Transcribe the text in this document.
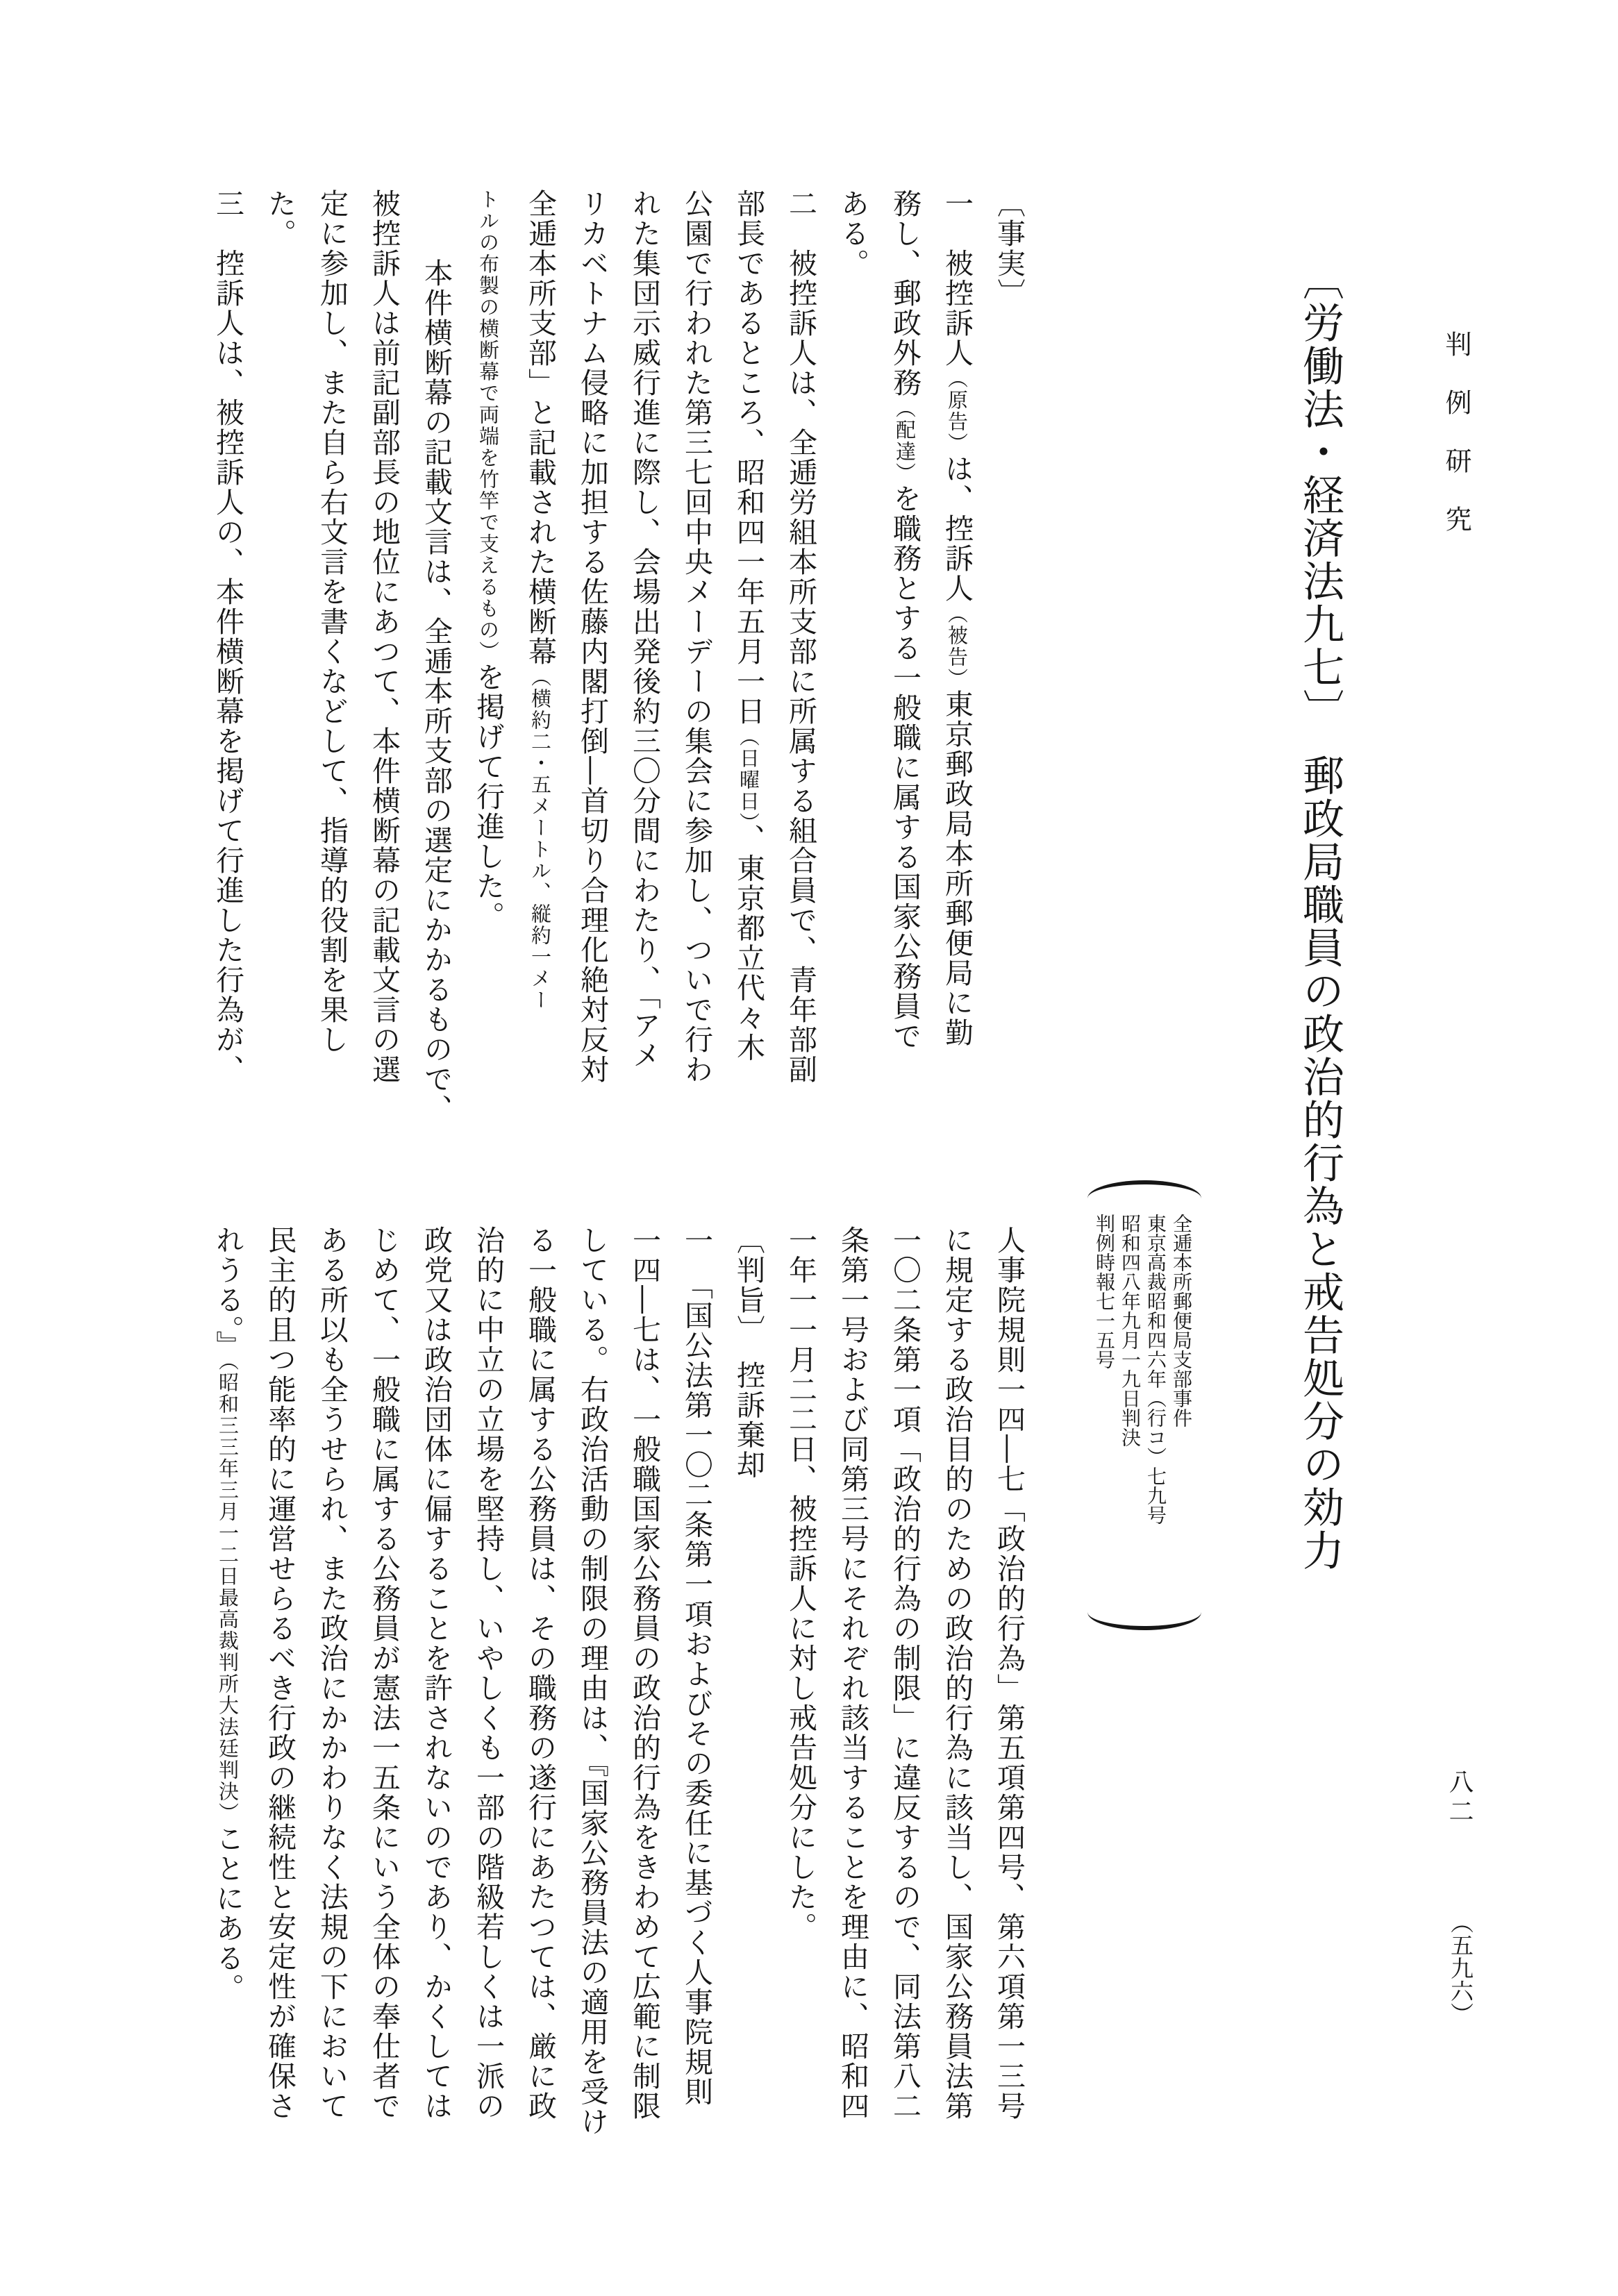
判例研究
〔労働法・経済法九七〕　郵政局職員の政治的行為と戒告処分の効力
全逓本所郵便局支部事件
東京高裁昭和四六年（行コ）七九号
昭和四八年九月一九日判決
判例時報七一五号
〔事実〕
一　被控訴人（原告）は、控訴人（被告）東京郵政局本所郵便局に勤
務し、郵政外務（配達）を職務とする一般職に属する国家公務員で
ある。
二　被控訴人は、全逓労組本所支部に所属する組合員で、青年部副
部長であるところ、昭和四一年五月一日（日曜日）、東京都立代々木
公園で行われた第三七回中央メーデーの集会に参加し、ついで行わ
れた集団示威行進に際し、会場出発後約三〇分間にわたり、「アメ
リカベトナム侵略に加担する佐藤内閣打倒―首切り合理化絶対反対
全逓本所支部」と記載された横断幕（横約二・五メートル、縦約一メー
トルの布製の横断幕で両端を竹竿で支えるもの）を掲げて行進した。
本件横断幕の記載文言は、全逓本所支部の選定にかかるもので、
被控訴人は前記副部長の地位にあつて、本件横断幕の記載文言の選
定に参加し、また自ら右文言を書くなどして、指導的役割を果し
た。
三　控訴人は、被控訴人の、本件横断幕を掲げて行進した行為が、
人事院規則一四―七「政治的行為」第五項第四号、第六項第一三号
に規定する政治目的のための政治的行為に該当し、国家公務員法第
一〇二条第一項「政治的行為の制限」に違反するので、同法第八二
条第一号および同第三号にそれぞれ該当することを理由に、昭和四
一年一一月二二日、被控訴人に対し戒告処分にした。
〔判旨〕　控訴棄却
一　「国公法第一〇二条第一項およびその委任に基づく人事院規則
一四―七は、一般職国家公務員の政治的行為をきわめて広範に制限
している。右政治活動の制限の理由は、『国家公務員法の適用を受け
る一般職に属する公務員は、その職務の遂行にあたつては、厳に政
治的に中立の立場を堅持し、いやしくも一部の階級若しくは一派の
政党又は政治団体に偏することを許されないのであり、かくしては
じめて、一般職に属する公務員が憲法一五条にいう全体の奉仕者で
ある所以も全うせられ、また政治にかかわりなく法規の下において
民主的且つ能率的に運営せらるべき行政の継続性と安定性が確保さ
れうる。』（昭和三三年三月一二日最高裁判所大法廷判決）ことにある。
八二
（五九六）
